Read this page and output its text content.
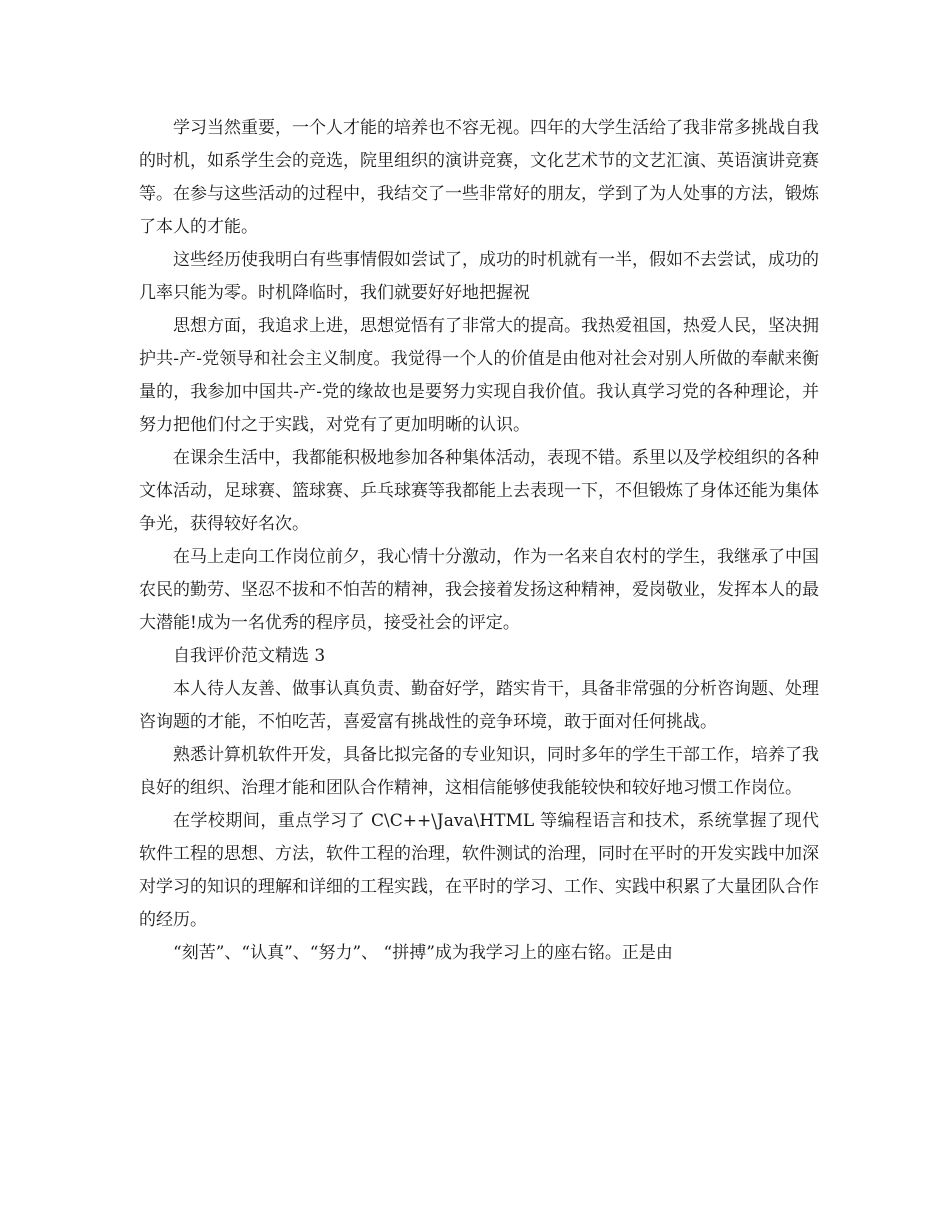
学习当然重要，一个人才能的培养也不容无视。四年的大学生活给了我非常多挑战自我的时机，如系学生会的竞选，院里组织的演讲竞赛，文化艺术节的文艺汇演、英语演讲竞赛等。在参与这些活动的过程中，我结交了一些非常好的朋友，学到了为人处事的方法，锻炼了本人的才能。

这些经历使我明白有些事情假如尝试了，成功的时机就有一半，假如不去尝试，成功的几率只能为零。时机降临时，我们就要好好地把握祝

思想方面，我追求上进，思想觉悟有了非常大的提高。我热爱祖国，热爱人民，坚决拥护共-产-党领导和社会主义制度。我觉得一个人的价值是由他对社会对别人所做的奉献来衡量的，我参加中国共-产-党的缘故也是要努力实现自我价值。我认真学习党的各种理论，并努力把他们付之于实践，对党有了更加明晰的认识。

在课余生活中，我都能积极地参加各种集体活动，表现不错。系里以及学校组织的各种文体活动，足球赛、篮球赛、乒乓球赛等我都能上去表现一下，不但锻炼了身体还能为集体争光，获得较好名次。

在马上走向工作岗位前夕，我心情十分激动，作为一名来自农村的学生，我继承了中国农民的勤劳、坚忍不拔和不怕苦的精神，我会接着发扬这种精神，爱岗敬业，发挥本人的最大潜能!成为一名优秀的程序员，接受社会的评定。

自我评价范文精选 3

本人待人友善、做事认真负责、勤奋好学，踏实肯干，具备非常强的分析咨询题、处理咨询题的才能，不怕吃苦，喜爱富有挑战性的竞争环境，敢于面对任何挑战。

熟悉计算机软件开发，具备比拟完备的专业知识，同时多年的学生干部工作，培养了我良好的组织、治理才能和团队合作精神，这相信能够使我能较快和较好地习惯工作岗位。

在学校期间，重点学习了 C\C++\Java\HTML 等编程语言和技术，系统掌握了现代软件工程的思想、方法，软件工程的治理，软件测试的治理，同时在平时的开发实践中加深对学习的知识的理解和详细的工程实践，在平时的学习、工作、实践中积累了大量团队合作的经历。

“刻苦”、“认真”、“努力”、 “拼搏”成为我学习上的座右铭。正是由
